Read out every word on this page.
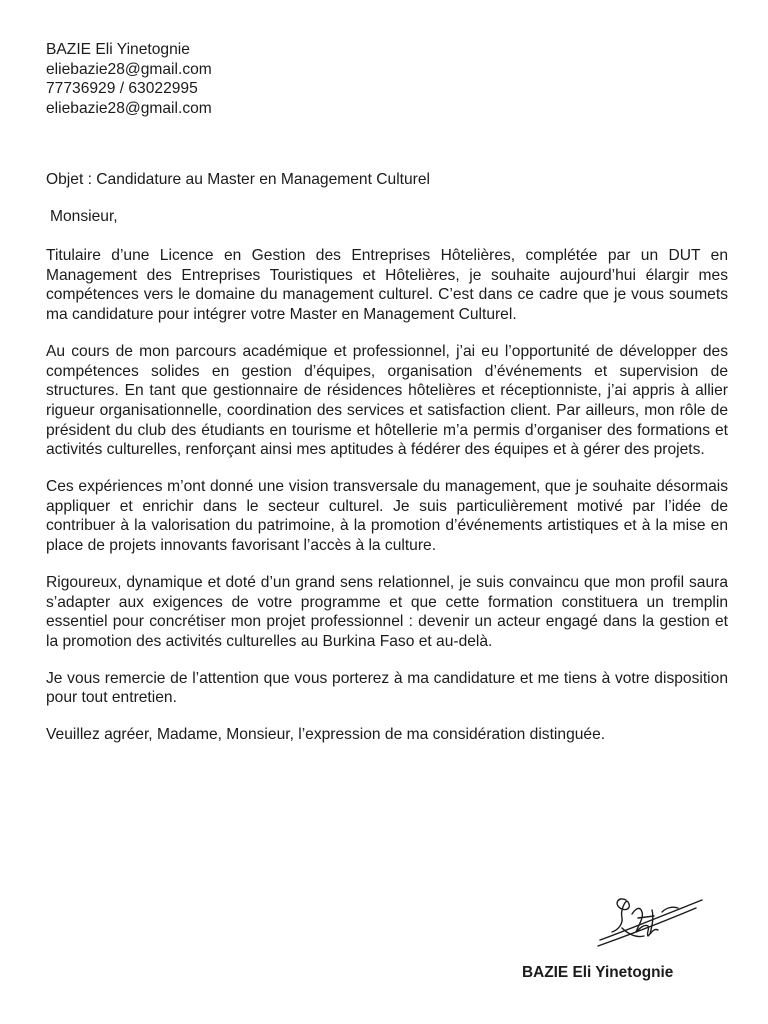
BAZIE Eli Yinetognie
eliebazie28@gmail.com
77736929 / 63022995
eliebazie28@gmail.com
Objet : Candidature au Master en Management Culturel
Monsieur,

Titulaire d’une Licence en Gestion des Entreprises Hôtelières, complétée par un DUT en Management des Entreprises Touristiques et Hôtelières, je souhaite aujourd’hui élargir mes compétences vers le domaine du management culturel. C’est dans ce cadre que je vous soumets ma candidature pour intégrer votre Master en Management Culturel.

Au cours de mon parcours académique et professionnel, j’ai eu l’opportunité de développer des compétences solides en gestion d’équipes, organisation d’événements et supervision de structures. En tant que gestionnaire de résidences hôtelières et réceptionniste, j’ai appris à allier rigueur organisationnelle, coordination des services et satisfaction client. Par ailleurs, mon rôle de président du club des étudiants en tourisme et hôtellerie m’a permis d’organiser des formations et activités culturelles, renforçant ainsi mes aptitudes à fédérer des équipes et à gérer des projets.

Ces expériences m’ont donné une vision transversale du management, que je souhaite désormais appliquer et enrichir dans le secteur culturel. Je suis particulièrement motivé par l’idée de contribuer à la valorisation du patrimoine, à la promotion d’événements artistiques et à la mise en place de projets innovants favorisant l’accès à la culture.

Rigoureux, dynamique et doté d’un grand sens relationnel, je suis convaincu que mon profil saura s’adapter aux exigences de votre programme et que cette formation constituera un tremplin essentiel pour concrétiser mon projet professionnel : devenir un acteur engagé dans la gestion et la promotion des activités culturelles au Burkina Faso et au-delà.

Je vous remercie de l’attention que vous porterez à ma candidature et me tiens à votre disposition pour tout entretien.

Veuillez agréer, Madame, Monsieur, l’expression de ma considération distinguée.

BAZIE Eli Yinetognie
